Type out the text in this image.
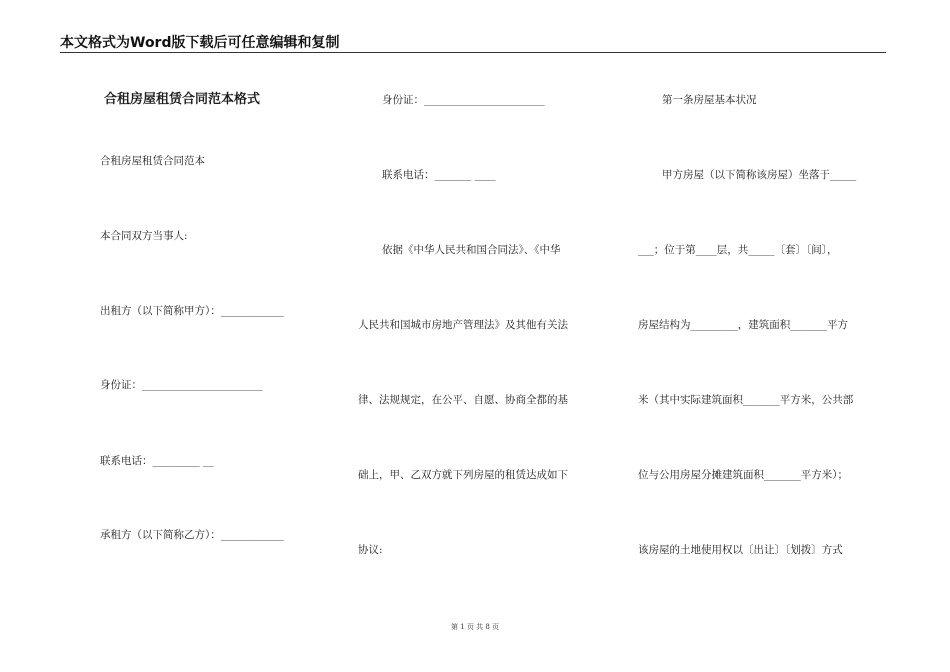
本文格式为Word版下载后可任意编辑和复制
合租房屋租赁合同范本格式
合租房屋租赁合同范本
本合同双方当事人:
出租方（以下简称甲方）：____________
身份证：_______________________
联系电话：_________ __
承租方（以下简称乙方）：____________
身份证：_______________________
联系电话：_______ ____
依据《中华人民共和国合同法》、《中华
人民共和国城市房地产管理法》及其他有关法
律、法规规定，在公平、自愿、协商全都的基
础上，甲、乙双方就下列房屋的租赁达成如下
协议:
第一条房屋基本状况
甲方房屋（以下简称该房屋）坐落于_____
___；位于第____层，共_____〔套〕〔间〕，
房屋结构为_________，建筑面积_______平方
米（其中实际建筑面积_______平方米，公共部
位与公用房屋分摊建筑面积_______平方米）；
该房屋的土地使用权以〔出让〕〔划拨〕方式
第 1 页 共 8 页
